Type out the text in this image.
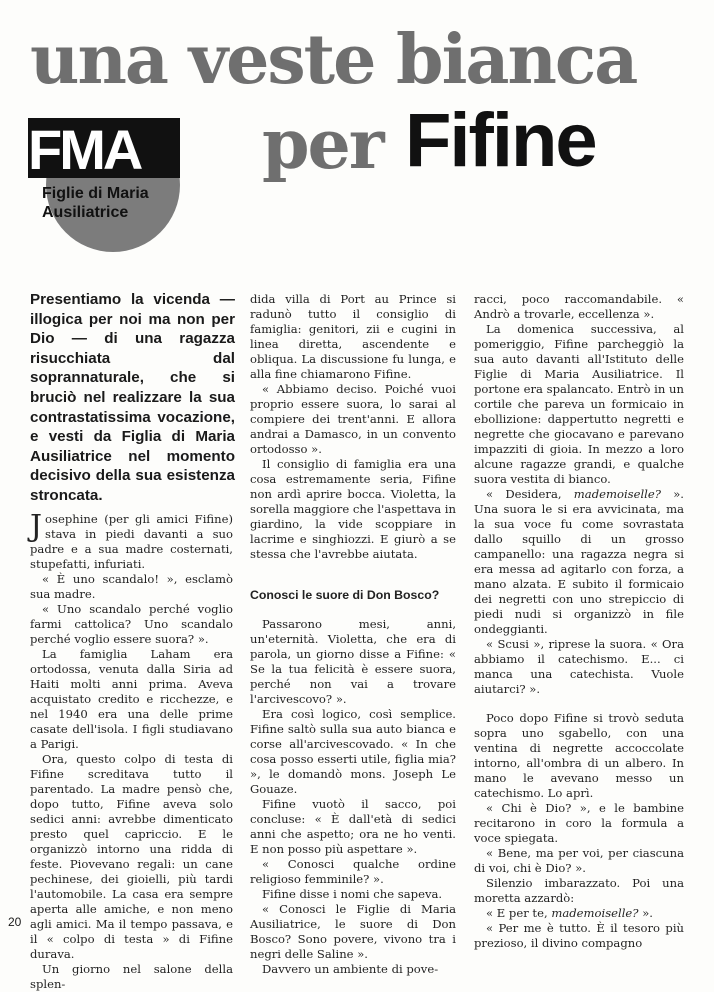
una veste bianca
per Fifine
FMA
Figlie di Maria
Ausiliatrice
Presentiamo la vicenda — illogica per noi ma non per Dio — di una ragazza risucchiata dal soprannaturale, che si bruciò nel realizzare la sua contrastatissima vocazione, e vesti da Figlia di Maria Ausiliatrice nel momento decisivo della sua esistenza stroncata.

Josephine (per gli amici Fifine) stava in piedi davanti a suo padre e a sua madre costernati, stupefatti, infuriati.

« È uno scandalo! », esclamò sua madre.

« Uno scandalo perché voglio farmi cattolica? Uno scandalo perché voglio essere suora? ».

La famiglia Laham era ortodossa, venuta dalla Siria ad Haiti molti anni prima. Aveva acquistato credito e ricchezze, e nel 1940 era una delle prime casate dell'isola. I figli studiavano a Parigi.

Ora, questo colpo di testa di Fifine screditava tutto il parentado. La madre pensò che, dopo tutto, Fifine aveva solo sedici anni: avrebbe dimenticato presto quel capriccio. E le organizzò intorno una ridda di feste. Piovevano regali: un cane pechinese, dei gioielli, più tardi l'automobile. La casa era sempre aperta alle amiche, e non meno agli amici. Ma il tempo passava, e il « colpo di testa » di Fifine durava.

Un giorno nel salone della splen-

dida villa di Port au Prince si radunò tutto il consiglio di famiglia: genitori, zii e cugini in linea diretta, ascendente e obliqua. La discussione fu lunga, e alla fine chiamarono Fifine.

« Abbiamo deciso. Poiché vuoi proprio essere suora, lo sarai al compiere dei trent'anni. E allora andrai a Damasco, in un convento ortodosso ».

Il consiglio di famiglia era una cosa estremamente seria, Fifine non ardì aprire bocca. Violetta, la sorella maggiore che l'aspettava in giardino, la vide scoppiare in lacrime e singhiozzi. E giurò a se stessa che l'avrebbe aiutata.

Conosci le suore di Don Bosco?

Passarono mesi, anni, un'eternità. Violetta, che era di parola, un giorno disse a Fifine: « Se la tua felicità è essere suora, perché non vai a trovare l'arcivescovo? ».

Era così logico, così semplice. Fifine saltò sulla sua auto bianca e corse all'arcivescovado. « In che cosa posso esserti utile, figlia mia? », le domandò mons. Joseph Le Gouaze.

Fifine vuotò il sacco, poi concluse: « È dall'età di sedici anni che aspetto; ora ne ho venti. E non posso più aspettare ».

« Conosci qualche ordine religioso femminile? ».

Fifine disse i nomi che sapeva.

« Conosci le Figlie di Maria Ausiliatrice, le suore di Don Bosco? Sono povere, vivono tra i negri delle Saline ».

Davvero un ambiente di pove-

racci, poco raccomandabile. « Andrò a trovarle, eccellenza ».

La domenica successiva, al pomeriggio, Fifine parcheggiò la sua auto davanti all'Istituto delle Figlie di Maria Ausiliatrice. Il portone era spalancato. Entrò in un cortile che pareva un formicaio in ebollizione: dappertutto negretti e negrette che giocavano e parevano impazziti di gioia. In mezzo a loro alcune ragazze grandi, e qualche suora vestita di bianco.

« Desidera, mademoiselle? ». Una suora le si era avvicinata, ma la sua voce fu come sovrastata dallo squillo di un grosso campanello: una ragazza negra si era messa ad agitarlo con forza, a mano alzata. E subito il formicaio dei negretti con uno strepiccio di piedi nudi si organizzò in file ondeggianti.

« Scusi », riprese la suora. « Ora abbiamo il catechismo. E... ci manca una catechista. Vuole aiutarci? ».

Poco dopo Fifine si trovò seduta sopra uno sgabello, con una ventina di negrette accoccolate intorno, all'ombra di un albero. In mano le avevano messo un catechismo. Lo aprì.

« Chi è Dio? », e le bambine recitarono in coro la formula a voce spiegata.

« Bene, ma per voi, per ciascuna di voi, chi è Dio? ».

Silenzio imbarazzato. Poi una moretta azzardò:

« E per te, mademoiselle? ».

« Per me è tutto. È il tesoro più prezioso, il divino compagno

20
